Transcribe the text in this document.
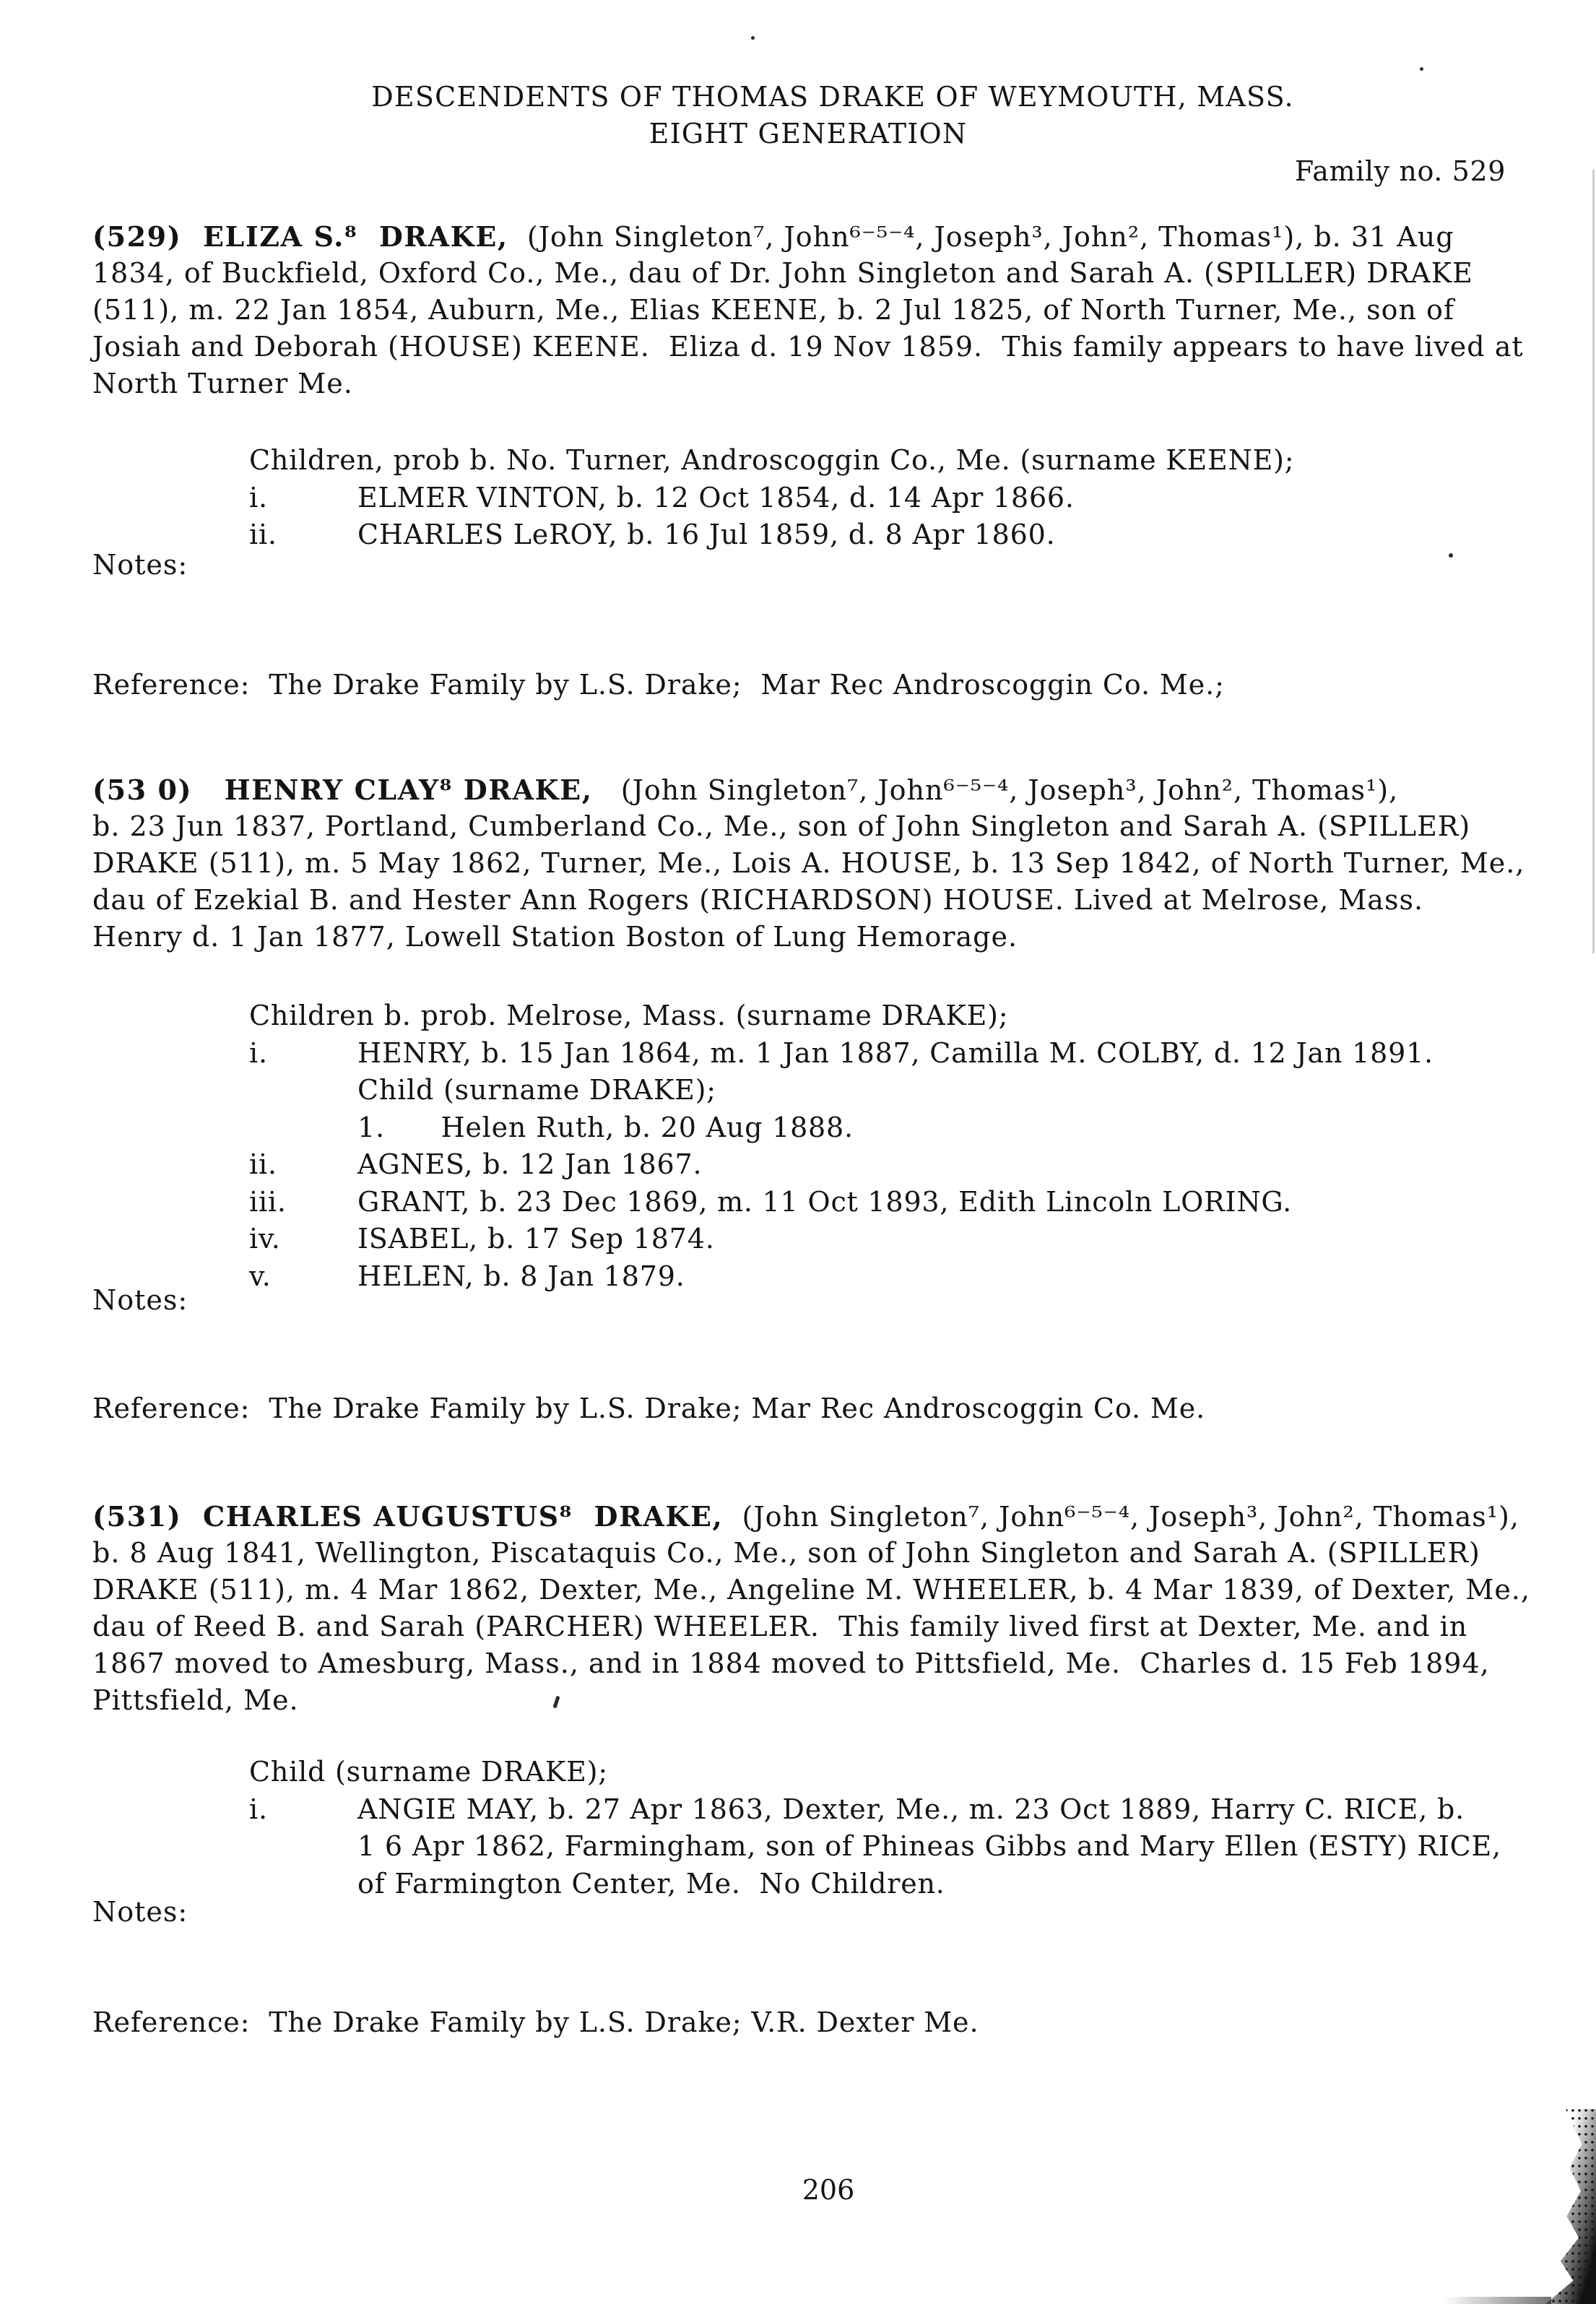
DESCENDENTS OF THOMAS DRAKE OF WEYMOUTH, MASS.
EIGHT GENERATION
Family no. 529
(529)  ELIZA S.⁸  DRAKE,  (John Singleton⁷, John⁶⁻⁵⁻⁴, Joseph³, John², Thomas¹), b. 31 Aug
1834, of Buckfield, Oxford Co., Me., dau of Dr. John Singleton and Sarah A. (SPILLER) DRAKE
(511), m. 22 Jan 1854, Auburn, Me., Elias KEENE, b. 2 Jul 1825, of North Turner, Me., son of
Josiah and Deborah (HOUSE) KEENE.  Eliza d. 19 Nov 1859.  This family appears to have lived at
North Turner Me.
Children, prob b. No. Turner, Androscoggin Co., Me. (surname KEENE);
i.	ELMER VINTON, b. 12 Oct 1854, d. 14 Apr 1866.
ii.	CHARLES LeROY, b. 16 Jul 1859, d. 8 Apr 1860.
Notes:
Reference:  The Drake Family by L.S. Drake;  Mar Rec Androscoggin Co. Me.;
(53 0)   HENRY CLAY⁸ DRAKE,   (John Singleton⁷, John⁶⁻⁵⁻⁴, Joseph³, John², Thomas¹),
b. 23 Jun 1837, Portland, Cumberland Co., Me., son of John Singleton and Sarah A. (SPILLER)
DRAKE (511), m. 5 May 1862, Turner, Me., Lois A. HOUSE, b. 13 Sep 1842, of North Turner, Me.,
dau of Ezekial B. and Hester Ann Rogers (RICHARDSON) HOUSE. Lived at Melrose, Mass.
Henry d. 1 Jan 1877, Lowell Station Boston of Lung Hemorage.
Children b. prob. Melrose, Mass. (surname DRAKE);
i.	HENRY, b. 15 Jan 1864, m. 1 Jan 1887, Camilla M. COLBY, d. 12 Jan 1891.
Child (surname DRAKE);
1.  Helen Ruth, b. 20 Aug 1888.
ii.	AGNES, b. 12 Jan 1867.
iii.	GRANT, b. 23 Dec 1869, m. 11 Oct 1893, Edith Lincoln LORING.
iv.	ISABEL, b. 17 Sep 1874.
v.	HELEN, b. 8 Jan 1879.
Notes:
Reference:  The Drake Family by L.S. Drake; Mar Rec Androscoggin Co. Me.
(531)  CHARLES AUGUSTUS⁸  DRAKE,  (John Singleton⁷, John⁶⁻⁵⁻⁴, Joseph³, John², Thomas¹),
b. 8 Aug 1841, Wellington, Piscataquis Co., Me., son of John Singleton and Sarah A. (SPILLER)
DRAKE (511), m. 4 Mar 1862, Dexter, Me., Angeline M. WHEELER, b. 4 Mar 1839, of Dexter, Me.,
dau of Reed B. and Sarah (PARCHER) WHEELER.  This family lived first at Dexter, Me. and in
1867 moved to Amesburg, Mass., and in 1884 moved to Pittsfield, Me.  Charles d. 15 Feb 1894,
Pittsfield, Me.
Child (surname DRAKE);
i.	ANGIE MAY, b. 27 Apr 1863, Dexter, Me., m. 23 Oct 1889, Harry C. RICE, b.
1 6 Apr 1862, Farmingham, son of Phineas Gibbs and Mary Ellen (ESTY) RICE,
of Farmington Center, Me.  No Children.
Notes:
Reference:  The Drake Family by L.S. Drake; V.R. Dexter Me.
206
